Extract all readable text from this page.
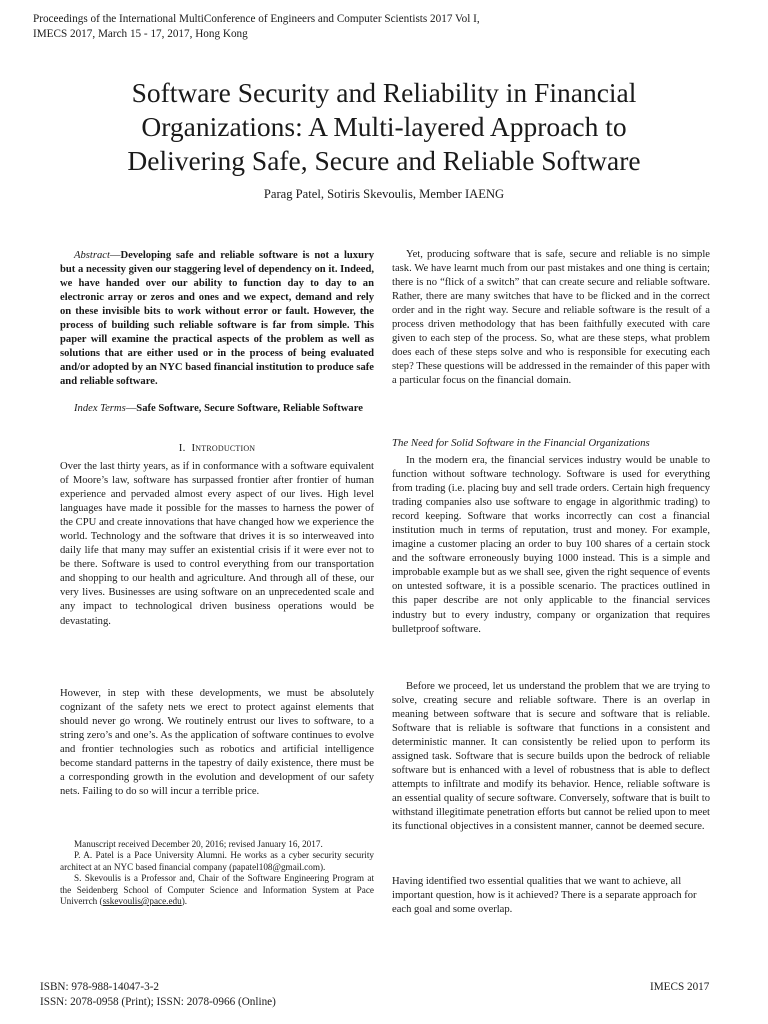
Proceedings of the International MultiConference of Engineers and Computer Scientists 2017 Vol I,
IMECS 2017, March 15 - 17, 2017, Hong Kong
Software Security and Reliability in Financial
Organizations: A Multi-layered Approach to
Delivering Safe, Secure and Reliable Software
Parag Patel, Sotiris Skevoulis, Member IAENG

Abstract—Developing safe and reliable software is not a luxury but a necessity given our staggering level of dependency on it. Indeed, we have handed over our ability to function day to day to an electronic array or zeros and ones and we expect, demand and rely on these invisible bits to work without error or fault. However, the process of building such reliable software is far from simple. This paper will examine the practical aspects of the problem as well as solutions that are either used or in the process of being evaluated and/or adopted by an NYC based financial institution to produce safe and reliable software.

Index Terms—Safe Software, Secure Software, Reliable Software

I. Introduction

Over the last thirty years, as if in conformance with a software equivalent of Moore’s law, software has surpassed frontier after frontier of human experience and pervaded almost every aspect of our lives. High level languages have made it possible for the masses to harness the power of the CPU and create innovations that have changed how we experience the world. Technology and the software that drives it is so interweaved into daily life that many may suffer an existential crisis if it were ever not to be there. Software is used to control everything from our transportation and shopping to our health and agriculture. And through all of these, our very lives. Businesses are using software on an unprecedented scale and any impact to technological driven business operations would be devastating.

However, in step with these developments, we must be absolutely cognizant of the safety nets we erect to protect against elements that should never go wrong. We routinely entrust our lives to software, to a string zero’s and one’s. As the application of software continues to evolve and frontier technologies such as robotics and artificial intelligence become standard patterns in the tapestry of daily existence, there must be a corresponding growth in the evolution and development of our safety nets. Failing to do so will incur a terrible price.

Manuscript received December 20, 2016; revised January 16, 2017.

P. A. Patel is a Pace University Alumni. He works as a cyber security security architect at an NYC based financial company (papatel108@gmail.com).

S. Skevoulis is a Professor and, Chair of the Software Engineering Program at the Seidenberg School of Computer Science and Information System at Pace Univerrch (sskevoulis@pace.edu).

Yet, producing software that is safe, secure and reliable is no simple task. We have learnt much from our past mistakes and one thing is certain; there is no “flick of a switch” that can create secure and reliable software. Rather, there are many switches that have to be flicked and in the correct order and in the right way. Secure and reliable software is the result of a process driven methodology that has been faithfully executed with care given to each step of the process. So, what are these steps, what problem does each of these steps solve and who is responsible for executing each step? These questions will be addressed in the remainder of this paper with a particular focus on the financial domain.

The Need for Solid Software in the Financial Organizations

In the modern era, the financial services industry would be unable to function without software technology. Software is used for everything from trading (i.e. placing buy and sell trade orders. Certain high frequency trading companies also use software to engage in algorithmic trading) to record keeping. Software that works incorrectly can cost a financial institution much in terms of reputation, trust and money. For example, imagine a customer placing an order to buy 100 shares of a certain stock and the software erroneously buying 1000 instead. This is a simple and improbable example but as we shall see, given the right sequence of events on untested software, it is a possible scenario. The practices outlined in this paper describe are not only applicable to the financial services industry but to every industry, company or organization that requires bulletproof software.

Before we proceed, let us understand the problem that we are trying to solve, creating secure and reliable software. There is an overlap in meaning between software that is secure and software that is reliable. Software that is reliable is software that functions in a consistent and deterministic manner. It can consistently be relied upon to perform its assigned task. Software that is secure builds upon the bedrock of reliable software but is enhanced with a level of robustness that is able to deflect attempts to infiltrate and modify its behavior. Hence, reliable software is an essential quality of secure software. Conversely, software that is built to withstand illegitimate penetration efforts but cannot be relied upon to meet its functional objectives in a consistent manner, cannot be deemed secure.

Having identified two essential qualities that we want to achieve, all important question, how is it achieved? There is a separate approach for each goal and some overlap.

ISBN: 978-988-14047-3-2
ISSN: 2078-0958 (Print); ISSN: 2078-0966 (Online)
IMECS 2017
